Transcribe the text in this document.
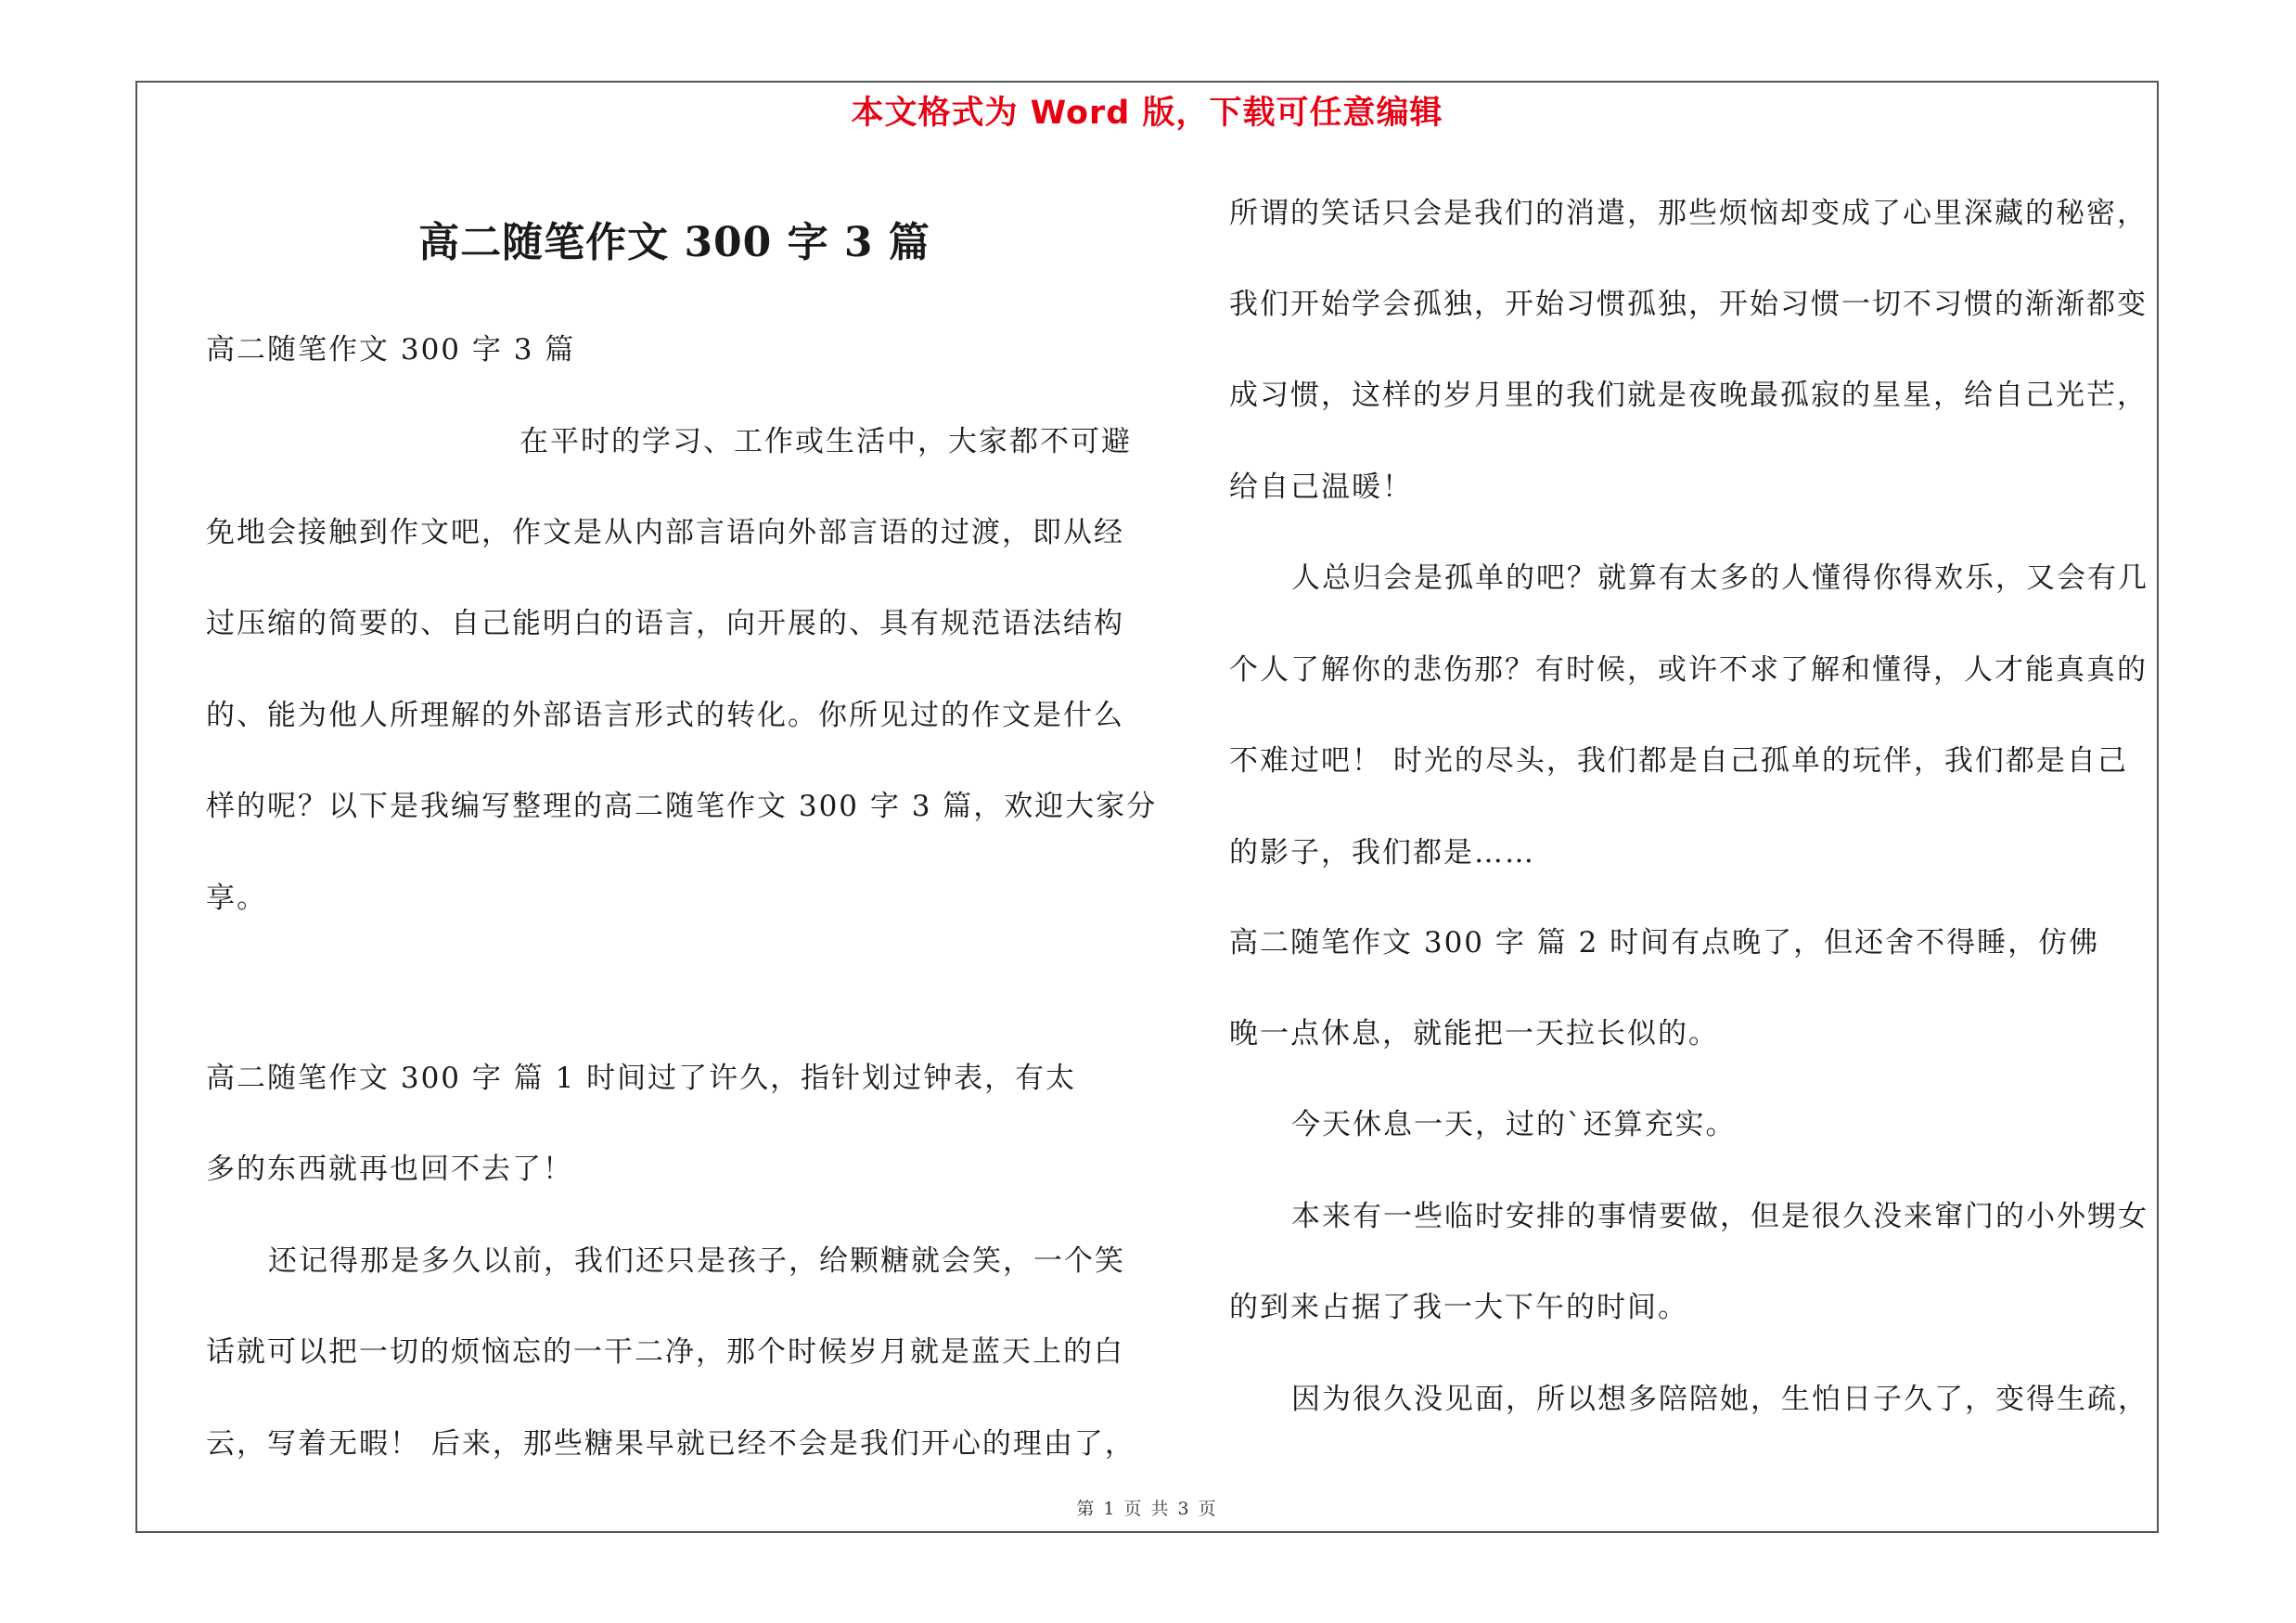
本文格式为 Word 版，下载可任意编辑
高二随笔作文 300 字 3 篇
高二随笔作文 300 字 3 篇
在平时的学习、工作或生活中，大家都不可避
免地会接触到作文吧，作文是从内部言语向外部言语的过渡，即从经
过压缩的简要的、自己能明白的语言，向开展的、具有规范语法结构
的、能为他人所理解的外部语言形式的转化。你所见过的作文是什么
样的呢？以下是我编写整理的高二随笔作文 300 字 3 篇，欢迎大家分
享。
高二随笔作文 300 字 篇 1 时间过了许久，指针划过钟表，有太
多的东西就再也回不去了！
还记得那是多久以前，我们还只是孩子，给颗糖就会笑，一个笑
话就可以把一切的烦恼忘的一干二净，那个时候岁月就是蓝天上的白
云，写着无暇！ 后来，那些糖果早就已经不会是我们开心的理由了，
所谓的笑话只会是我们的消遣，那些烦恼却变成了心里深藏的秘密，
我们开始学会孤独，开始习惯孤独，开始习惯一切不习惯的渐渐都变
成习惯，这样的岁月里的我们就是夜晚最孤寂的星星，给自己光芒，
给自己温暖！
人总归会是孤单的吧？就算有太多的人懂得你得欢乐，又会有几
个人了解你的悲伤那？有时候，或许不求了解和懂得，人才能真真的
不难过吧！ 时光的尽头，我们都是自己孤单的玩伴，我们都是自己
的影子，我们都是……
高二随笔作文 300 字 篇 2 时间有点晚了，但还舍不得睡，仿佛
晚一点休息，就能把一天拉长似的。
今天休息一天，过的`还算充实。
本来有一些临时安排的事情要做，但是很久没来窜门的小外甥女
的到来占据了我一大下午的时间。
因为很久没见面，所以想多陪陪她，生怕日子久了，变得生疏，
第 1 页 共 3 页
